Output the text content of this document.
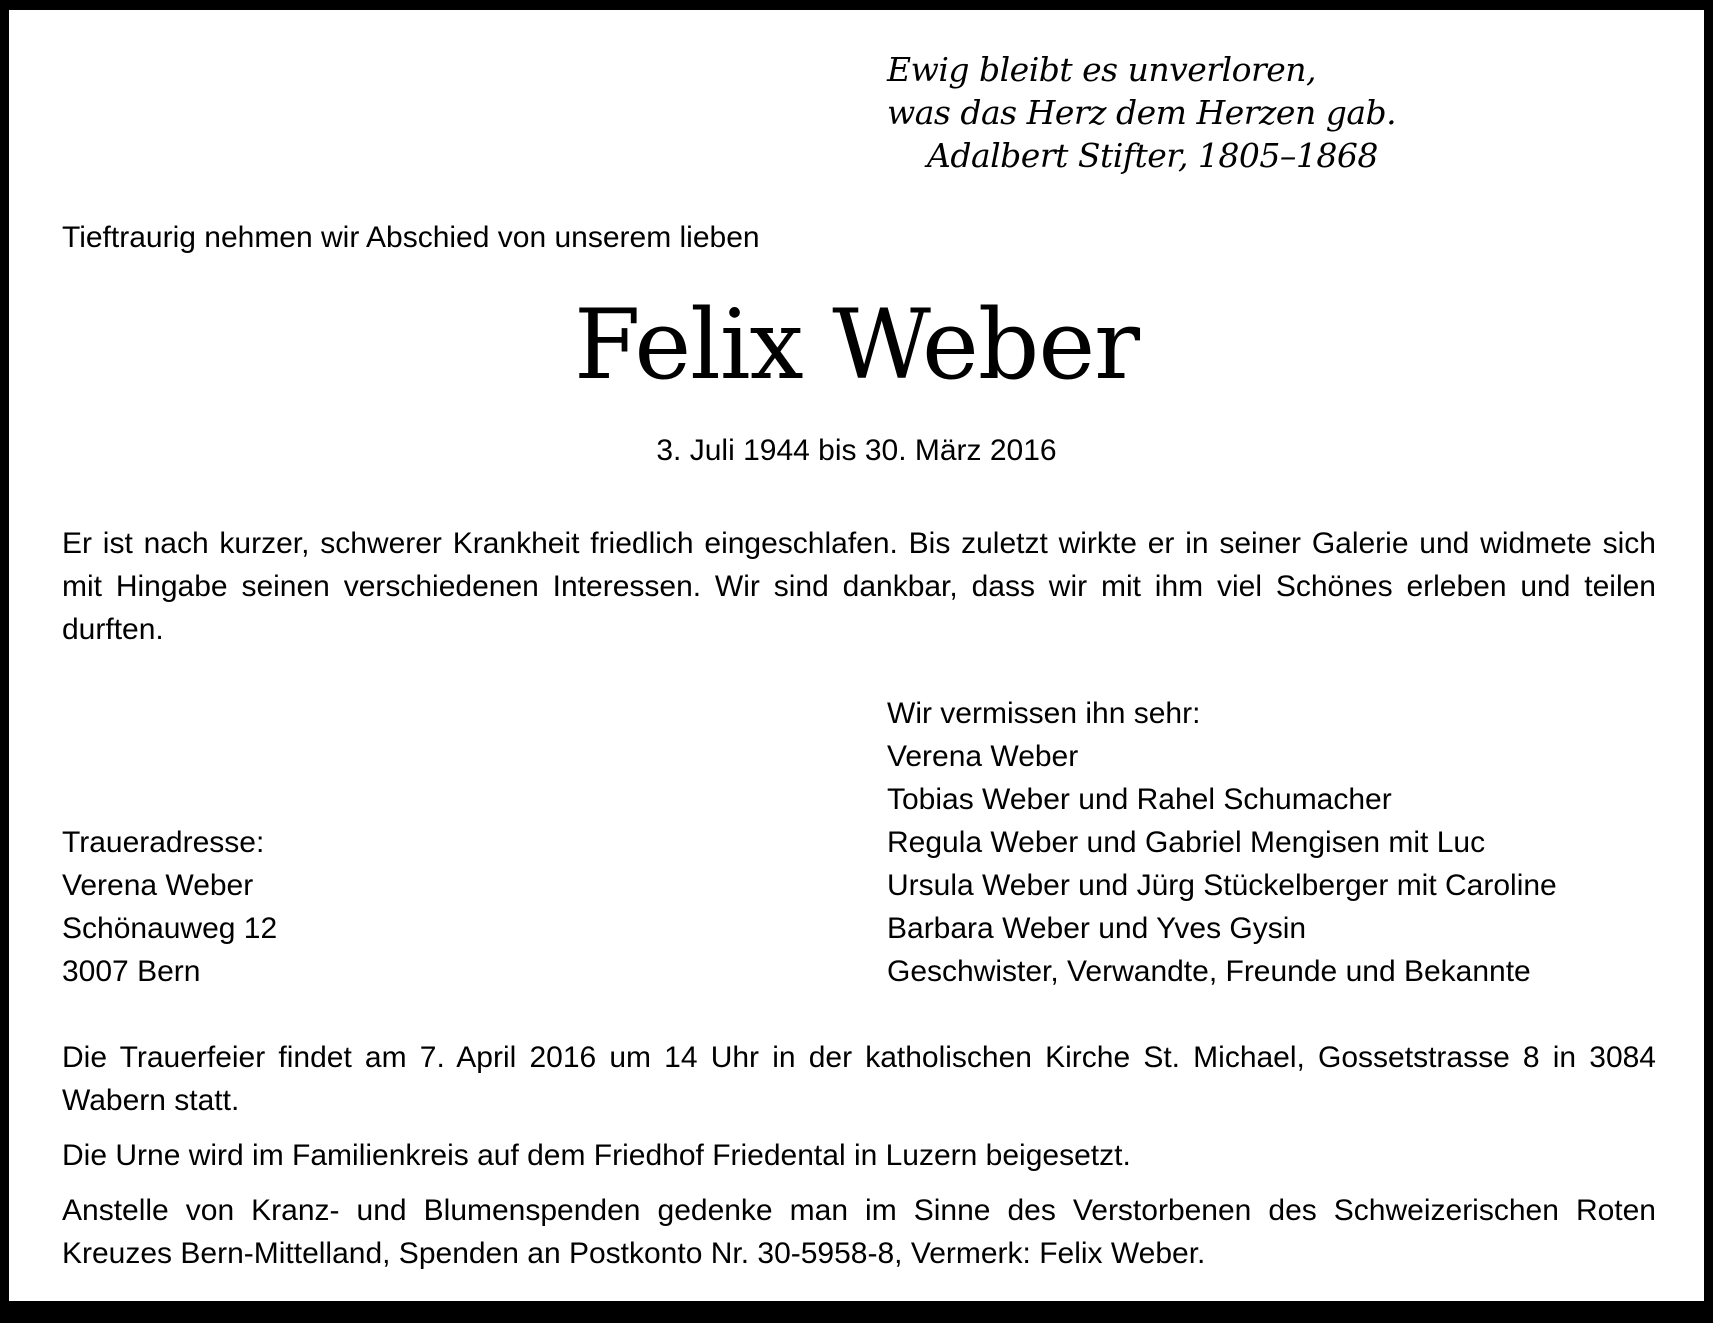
Ewig bleibt es unverloren,
was das Herz dem Herzen gab.
Adalbert Stifter, 1805–1868
Tieftraurig nehmen wir Abschied von unserem lieben
Felix Weber
3. Juli 1944 bis 30. März 2016
Er ist nach kurzer, schwerer Krankheit friedlich eingeschlafen. Bis zuletzt wirkte er in seiner Galerie und widmete sich mit Hingabe seinen verschiedenen Interessen. Wir sind dankbar, dass wir mit ihm viel Schönes erleben und teilen durften.
Traueradresse:
Verena Weber
Schönauweg 12
3007 Bern
Wir vermissen ihn sehr:
Verena Weber
Tobias Weber und Rahel Schumacher
Regula Weber und Gabriel Mengisen mit Luc
Ursula Weber und Jürg Stückelberger mit Caroline
Barbara Weber und Yves Gysin
Geschwister, Verwandte, Freunde und Bekannte

Die Trauerfeier findet am 7. April 2016 um 14 Uhr in der katholischen Kirche St. Michael, Gossetstrasse 8 in 3084 Wabern statt.

Die Urne wird im Familienkreis auf dem Friedhof Friedental in Luzern beigesetzt.

Anstelle von Kranz- und Blumenspenden gedenke man im Sinne des Verstorbenen des Schweizerischen Roten Kreuzes Bern-Mittelland, Spenden an Postkonto Nr. 30-5958-8, Vermerk: Felix Weber.
